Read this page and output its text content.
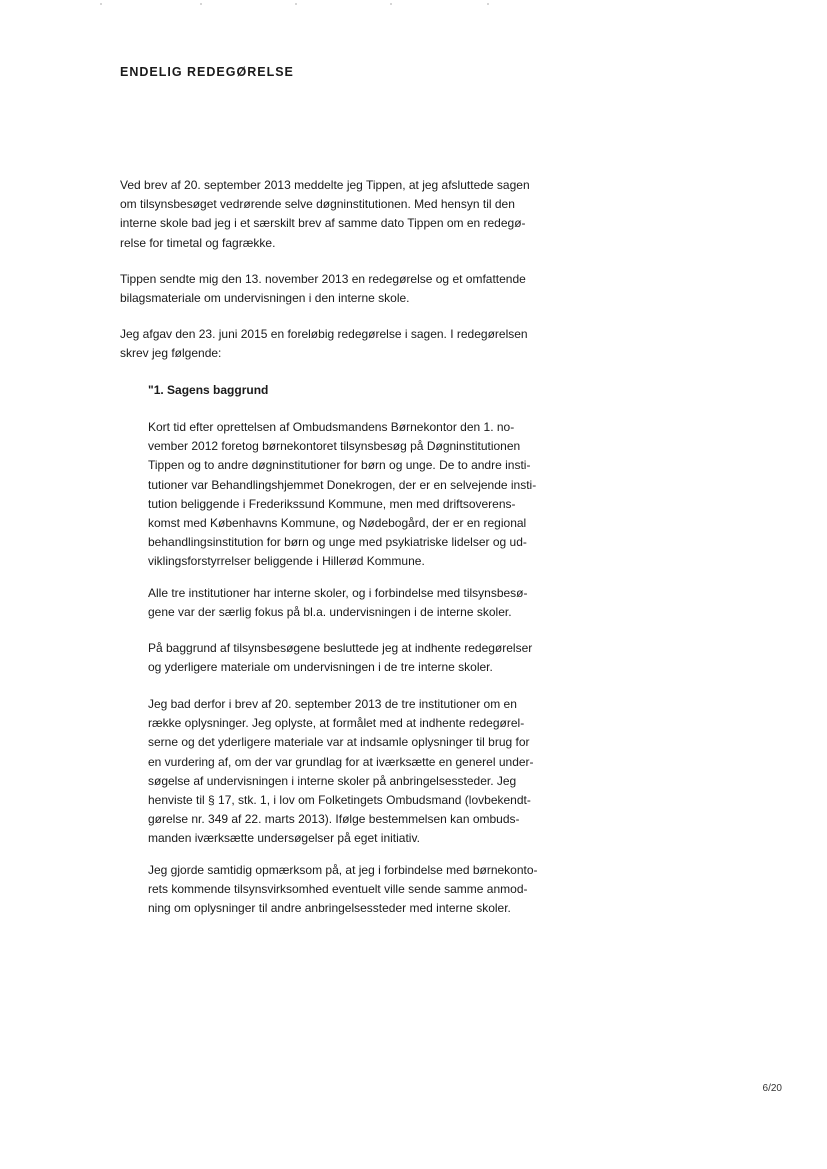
ENDELIG REDEGØRELSE

Ved brev af 20. september 2013 meddelte jeg Tippen, at jeg afsluttede sagen
om tilsynsbesøget vedrørende selve døgninstitutionen. Med hensyn til den
interne skole bad jeg i et særskilt brev af samme dato Tippen om en redegø-
relse for timetal og fagrække.

Tippen sendte mig den 13. november 2013 en redegørelse og et omfattende
bilagsmateriale om undervisningen i den interne skole.

Jeg afgav den 23. juni 2015 en foreløbig redegørelse i sagen. I redegørelsen
skrev jeg følgende:

"1. Sagens baggrund

Kort tid efter oprettelsen af Ombudsmandens Børnekontor den 1. no-
vember 2012 foretog børnekontoret tilsynsbesøg på Døgninstitutionen
Tippen og to andre døgninstitutioner for børn og unge. De to andre insti-
tutioner var Behandlingshjemmet Donekrogen, der er en selvejende insti-
tution beliggende i Frederikssund Kommune, men med driftsoverens-
komst med Københavns Kommune, og Nødebogård, der er en regional
behandlingsinstitution for børn og unge med psykiatriske lidelser og ud-
viklingsforstyrrelser beliggende i Hillerød Kommune.

Alle tre institutioner har interne skoler, og i forbindelse med tilsynsbesø-
gene var der særlig fokus på bl.a. undervisningen i de interne skoler.

På baggrund af tilsynsbesøgene besluttede jeg at indhente redegørelser
og yderligere materiale om undervisningen i de tre interne skoler.

Jeg bad derfor i brev af 20. september 2013 de tre institutioner om en
række oplysninger. Jeg oplyste, at formålet med at indhente redegørel-
serne og det yderligere materiale var at indsamle oplysninger til brug for
en vurdering af, om der var grundlag for at iværksætte en generel under-
søgelse af undervisningen i interne skoler på anbringelsessteder. Jeg
henviste til § 17, stk. 1, i lov om Folketingets Ombudsmand (lovbekendt-
gørelse nr. 349 af 22. marts 2013). Ifølge bestemmelsen kan ombuds-
manden iværksætte undersøgelser på eget initiativ.

Jeg gjorde samtidig opmærksom på, at jeg i forbindelse med børnekonto-
rets kommende tilsynsvirksomhed eventuelt ville sende samme anmod-
ning om oplysninger til andre anbringelsessteder med interne skoler.

6/20
